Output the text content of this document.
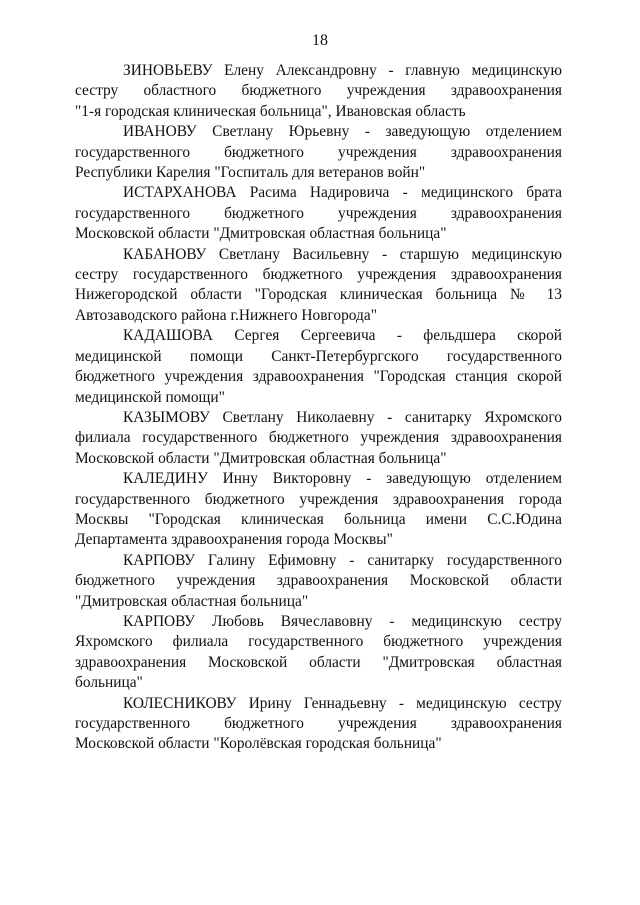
18

ЗИНОВЬЕВУ Елену Александровну - главную медицинскую
сестру областного бюджетного учреждения здравоохранения
"1-я городская клиническая больница", Ивановская область

ИВАНОВУ Светлану Юрьевну - заведующую отделением
государственного бюджетного учреждения здравоохранения
Республики Карелия "Госпиталь для ветеранов войн"

ИСТАРХАНОВА Расима Надировича - медицинского брата
государственного бюджетного учреждения здравоохранения
Московской области "Дмитровская областная больница"

КАБАНОВУ Светлану Васильевну - старшую медицинскую
сестру государственного бюджетного учреждения здравоохранения
Нижегородской области "Городская клиническая больница № 13
Автозаводского района г.Нижнего Новгорода"

КАДАШОВА Сергея Сергеевича - фельдшера скорой
медицинской помощи Санкт-Петербургского государственного
бюджетного учреждения здравоохранения "Городская станция скорой
медицинской помощи"

КАЗЫМОВУ Светлану Николаевну - санитарку Яхромского
филиала государственного бюджетного учреждения здравоохранения
Московской области "Дмитровская областная больница"

КАЛЕДИНУ Инну Викторовну - заведующую отделением
государственного бюджетного учреждения здравоохранения города
Москвы "Городская клиническая больница имени С.С.Юдина
Департамента здравоохранения города Москвы"

КАРПОВУ Галину Ефимовну - санитарку государственного
бюджетного учреждения здравоохранения Московской области
"Дмитровская областная больница"

КАРПОВУ Любовь Вячеславовну - медицинскую сестру
Яхромского филиала государственного бюджетного учреждения
здравоохранения Московской области "Дмитровская областная
больница"

КОЛЕСНИКОВУ Ирину Геннадьевну - медицинскую сестру
государственного бюджетного учреждения здравоохранения
Московской области "Королёвская городская больница"
